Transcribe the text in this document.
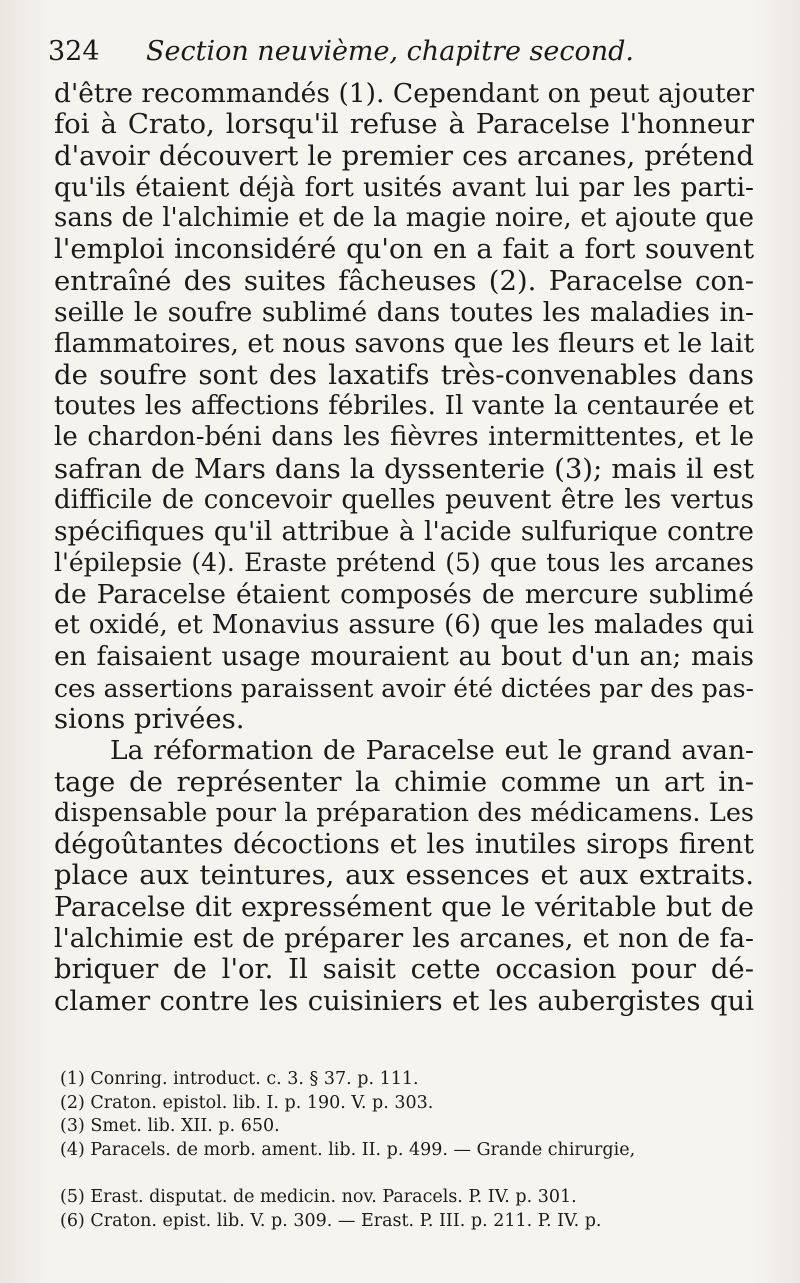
324 Section neuvième, chapitre second.
d'être recommandés (1). Cependant on peut ajouter
foi à Crato, lorsqu'il refuse à Paracelse l'honneur
d'avoir découvert le premier ces arcanes, prétend
qu'ils étaient déjà fort usités avant lui par les parti-
sans de l'alchimie et de la magie noire, et ajoute que
l'emploi inconsidéré qu'on en a fait a fort souvent
entraîné des suites fâcheuses (2). Paracelse con-
seille le soufre sublimé dans toutes les maladies in-
flammatoires, et nous savons que les fleurs et le lait
de soufre sont des laxatifs très-convenables dans
toutes les affections fébriles. Il vante la centaurée et
le chardon-béni dans les fièvres intermittentes, et le
safran de Mars dans la dyssenterie (3); mais il est
difficile de concevoir quelles peuvent être les vertus
spécifiques qu'il attribue à l'acide sulfurique contre
l'épilepsie (4). Eraste prétend (5) que tous les arcanes
de Paracelse étaient composés de mercure sublimé
et oxidé, et Monavius assure (6) que les malades qui
en faisaient usage mouraient au bout d'un an; mais
ces assertions paraissent avoir été dictées par des pas-
sions privées.
La réformation de Paracelse eut le grand avan-
tage de représenter la chimie comme un art in-
dispensable pour la préparation des médicamens. Les
dégoûtantes décoctions et les inutiles sirops firent
place aux teintures, aux essences et aux extraits.
Paracelse dit expressément que le véritable but de
l'alchimie est de préparer les arcanes, et non de fa-
briquer de l'or. Il saisit cette occasion pour dé-
clamer contre les cuisiniers et les aubergistes qui
(1) Conring. introduct. c. 3. § 37. p. 111.
(2) Craton. epistol. lib. I. p. 190. V. p. 303.
(3) Smet. lib. XII. p. 650.
(4) Paracels. de morb. ament. lib. II. p. 499. — Grande chirurgie,
(5) Erast. disputat. de medicin. nov. Paracels. P. IV. p. 301.
(6) Craton. epist. lib. V. p. 309. — Erast. P. III. p. 211. P. IV. p.
